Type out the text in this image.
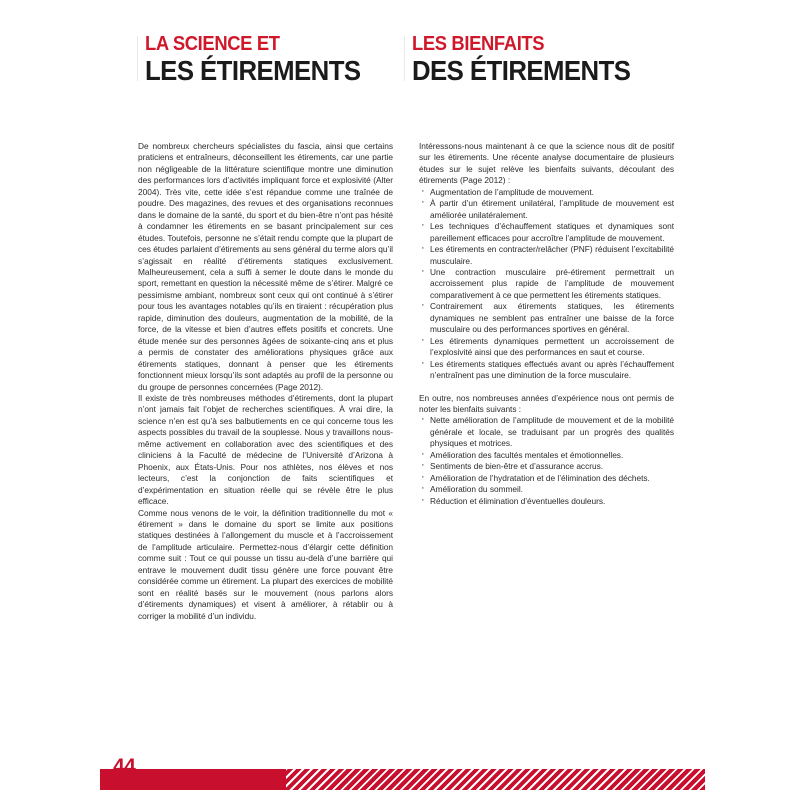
LA SCIENCE ET
LES ÉTIREMENTS
LES BIENFAITS
DES ÉTIREMENTS

De nombreux chercheurs spécialistes du fascia, ainsi que certains praticiens et entraîneurs, déconseillent les étirements, car une partie non négligeable de la littérature scientifique montre une diminution des performances lors d’activités impliquant force et explosivité (Alter 2004). Très vite, cette idée s’est répandue comme une traînée de poudre. Des magazines, des revues et des organisations reconnues dans le domaine de la santé, du sport et du bien-être n’ont pas hésité à condamner les étirements en se basant principalement sur ces études. Toutefois, personne ne s’était rendu compte que la plupart de ces études parlaient d’étirements au sens général du terme alors qu’il s’agissait en réalité d’étirements statiques exclusivement. Malheureusement, cela a suffi à semer le doute dans le monde du sport, remettant en question la nécessité même de s’étirer. Malgré ce pessimisme ambiant, nombreux sont ceux qui ont continué à s’étirer pour tous les avantages notables qu’ils en tiraient : récupération plus rapide, diminution des douleurs, augmentation de la mobilité, de la force, de la vitesse et bien d’autres effets positifs et concrets. Une étude menée sur des personnes âgées de soixante-cinq ans et plus a permis de constater des améliorations physiques grâce aux étirements statiques, donnant à penser que les étirements fonctionnent mieux lorsqu’ils sont adaptés au profil de la personne ou du groupe de personnes concernées (Page 2012).

Il existe de très nombreuses méthodes d’étirements, dont la plupart n’ont jamais fait l’objet de recherches scientifiques. À vrai dire, la science n’en est qu’à ses balbutiements en ce qui concerne tous les aspects possibles du travail de la souplesse. Nous y travaillons nous-même activement en collaboration avec des scientifiques et des cliniciens à la Faculté de médecine de l’Université d’Arizona à Phoenix, aux États-Unis. Pour nos athlètes, nos élèves et nos lecteurs, c’est la conjonction de faits scientifiques et d’expérimentation en situation réelle qui se révèle être le plus efficace.

Comme nous venons de le voir, la définition traditionnelle du mot « étirement » dans le domaine du sport se limite aux positions statiques destinées à l’allongement du muscle et à l’accroissement de l’amplitude articulaire. Permettez-nous d’élargir cette définition comme suit : Tout ce qui pousse un tissu au-delà d’une barrière qui entrave le mouvement dudit tissu génère une force pouvant être considérée comme un étirement. La plupart des exercices de mobilité sont en réalité basés sur le mouvement (nous parlons alors d’étirements dynamiques) et visent à améliorer, à rétablir ou à corriger la mobilité d’un individu.

Intéressons-nous maintenant à ce que la science nous dit de positif sur les étirements. Une récente analyse documentaire de plusieurs études sur le sujet relève les bienfaits suivants, découlant des étirements (Page 2012) :

· Augmentation de l’amplitude de mouvement.
· À partir d’un étirement unilatéral, l’amplitude de mouvement est améliorée unilatéralement.
· Les techniques d’échauffement statiques et dynamiques sont pareillement efficaces pour accroître l’amplitude de mouvement.
· Les étirements en contracter/relâcher (PNF) réduisent l’excitabilité musculaire.
· Une contraction musculaire pré-étirement permettrait un accroissement plus rapide de l’amplitude de mouvement comparativement à ce que permettent les étirements statiques.
· Contrairement aux étirements statiques, les étirements dynamiques ne semblent pas entraîner une baisse de la force musculaire ou des performances sportives en général.
· Les étirements dynamiques permettent un accroissement de l’explosivité ainsi que des performances en saut et course.
· Les étirements statiques effectués avant ou après l’échauffement n’entraînent pas une diminution de la force musculaire.

En outre, nos nombreuses années d’expérience nous ont permis de noter les bienfaits suivants :

· Nette amélioration de l’amplitude de mouvement et de la mobilité générale et locale, se traduisant par un progrès des qualités physiques et motrices.
· Amélioration des facultés mentales et émotionnelles.
· Sentiments de bien-être et d’assurance accrus.
· Amélioration de l’hydratation et de l’élimination des déchets.
· Amélioration du sommeil.
· Réduction et élimination d’éventuelles douleurs.
44
